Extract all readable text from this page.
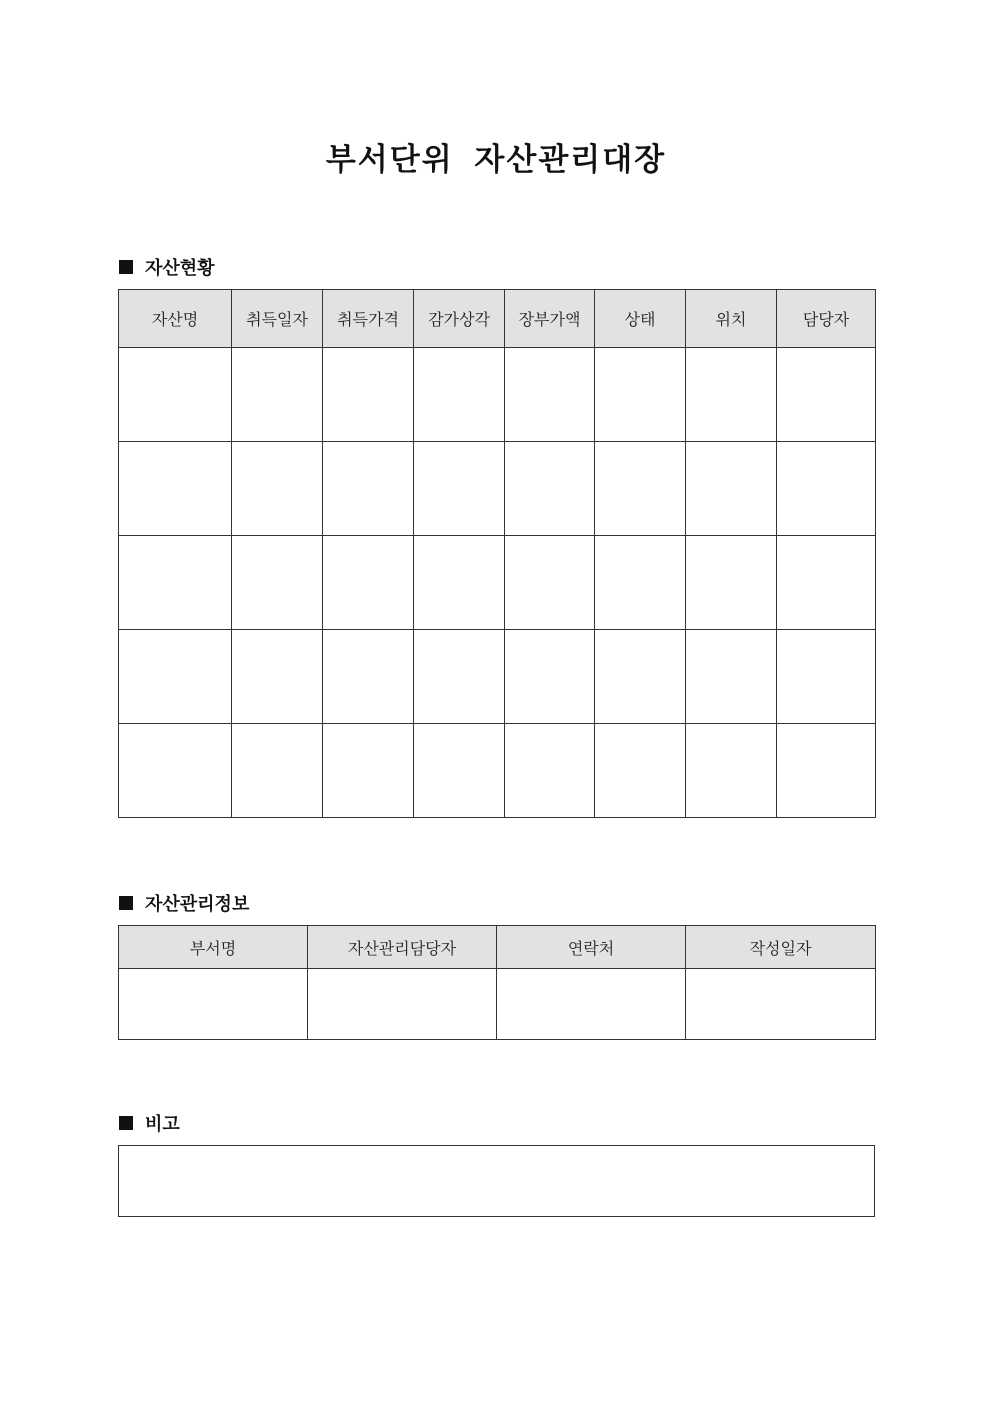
부서단위 자산관리대장
자산현황
자산명	취득일자	취득가격	감가상각	장부가액	상태	위치	담당자

자산관리정보
부서명	자산관리담당자	연락처	작성일자

비고
